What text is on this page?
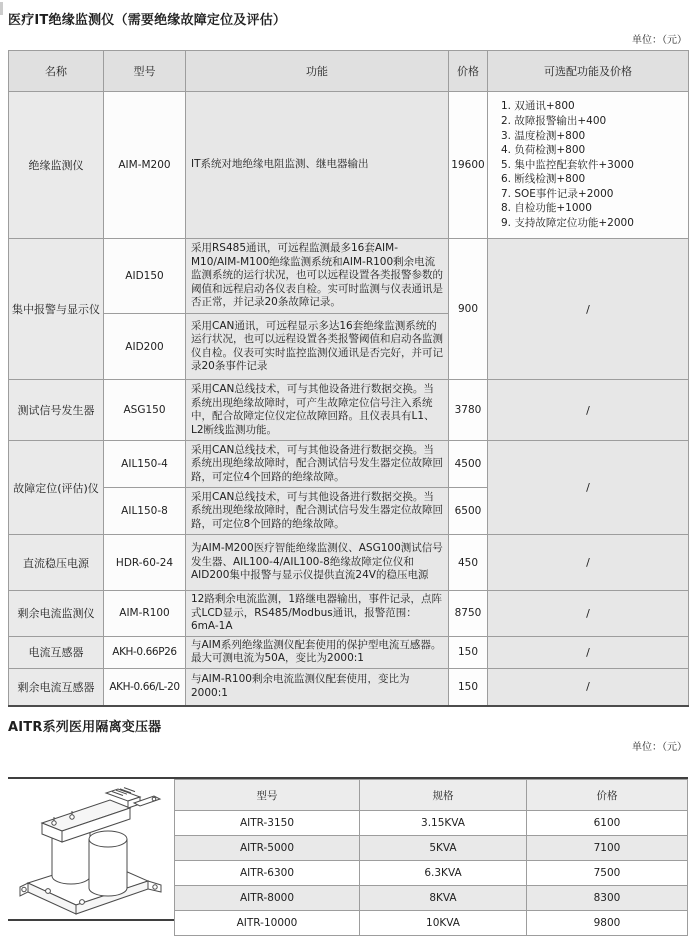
医疗IT绝缘监测仪（需要绝缘故障定位及评估）
单位：（元）
名称	型号	功能	价格	可选配功能及价格
绝缘监测仪	AIM-M200	IT系统对地绝缘电阻监测、继电器输出	19600	
1. 双通讯+800
2. 故障报警输出+400
3. 温度检测+800
4. 负荷检测+800
5. 集中监控配套软件+3000
6. 断线检测+800
7. SOE事件记录+2000
8. 自检功能+1000
9. 支持故障定位功能+2000

集中报警与显示仪	AID150	采用RS485通讯，可远程监测最多16套AIM-M10/AIM-M100绝缘监测系统和AIM-R100剩余电流监测系统的运行状况，也可以远程设置各类报警参数的阈值和远程启动各仪表自检。实可时监测与仪表通讯是否正常，并记录20条故障记录。	900	/
	AID200	采用CAN通讯，可远程显示多达16套绝缘监测系统的运行状况，也可以远程设置各类报警阈值和启动各监测仪自检。仪表可实时监控监测仪通讯是否完好，并可记录20条事件记录		
测试信号发生器	ASG150	采用CAN总线技术，可与其他设备进行数据交换。当系统出现绝缘故障时，可产生故障定位信号注入系统中，配合故障定位仪定位故障回路。且仪表具有L1、L2断线监测功能。	3780	/
故障定位(评估)仪	AIL150-4	采用CAN总线技术，可与其他设备进行数据交换。当系统出现绝缘故障时，配合测试信号发生器定位故障回路，可定位4个回路的绝缘故障。	4500	/
	AIL150-8	采用CAN总线技术，可与其他设备进行数据交换。当系统出现绝缘故障时，配合测试信号发生器定位故障回路，可定位8个回路的绝缘故障。	6500	
直流稳压电源	HDR-60-24	为AIM-M200医疗智能绝缘监测仪、ASG100测试信号发生器、AIL100-4/AIL100-8绝缘故障定位仪和AID200集中报警与显示仪提供直流24V的稳压电源	450	/
剩余电流监测仪	AIM-R100	12路剩余电流监测，1路继电器输出，事件记录，点阵式LCD显示，RS485/Modbus通讯，报警范围：6mA-1A	8750	/
电流互感器	AKH-0.66P26	与AIM系列绝缘监测仪配套使用的保护型电流互感器。最大可测电流为50A，变比为2000:1	150	/
剩余电流互感器	AKH-0.66/L-20	与AIM-R100剩余电流监测仪配套使用，变比为2000:1	150	/
AITR系列医用隔离变压器
单位：（元）
型号	规格	价格
AITR-3150	3.15KVA	6100
AITR-5000	5KVA	7100
AITR-6300	6.3KVA	7500
AITR-8000	8KVA	8300
AITR-10000	10KVA	9800
